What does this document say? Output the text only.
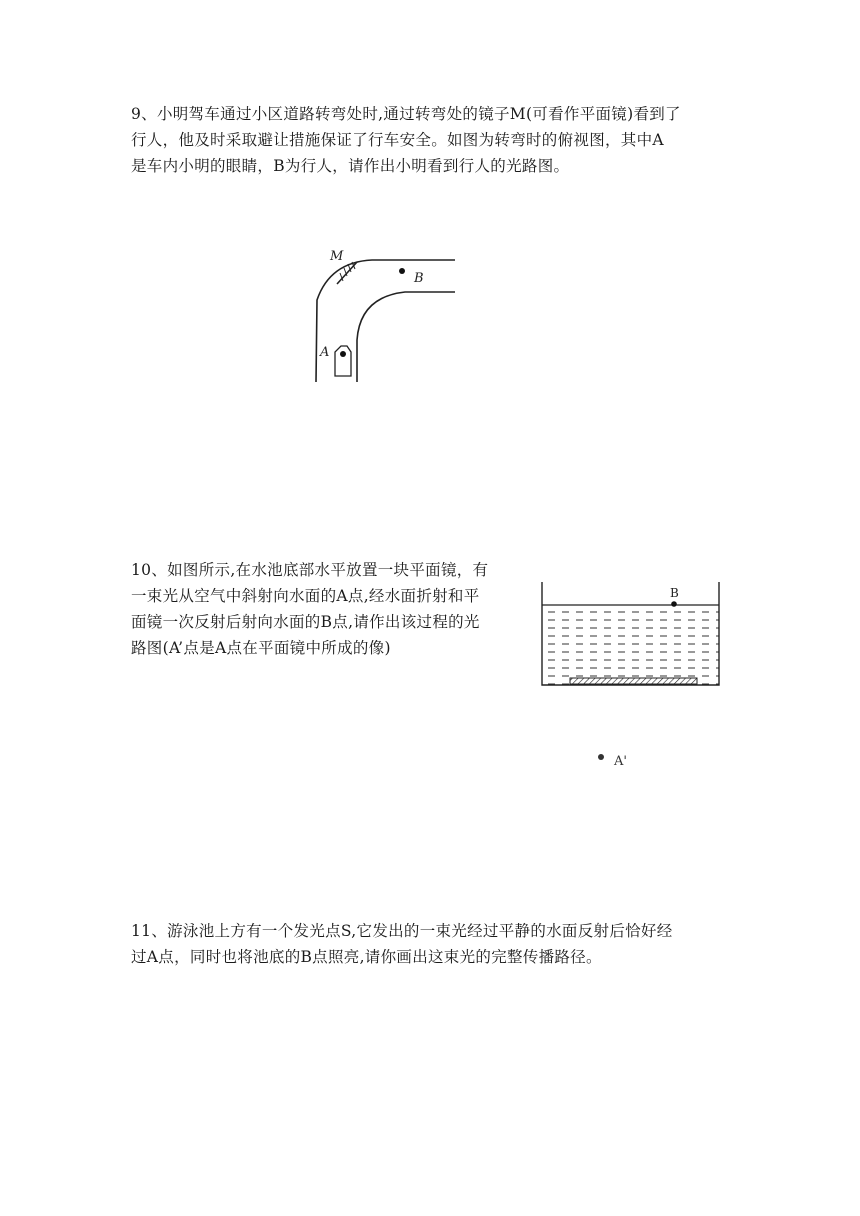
9、小明驾车通过小区道路转弯处时,通过转弯处的镜子M(可看作平面镜)看到了
行人，他及时采取避让措施保证了行车安全。如图为转弯时的俯视图，其中A
是车内小明的眼睛，B为行人，请作出小明看到行人的光路图。
M
B
A
10、如图所示,在水池底部水平放置一块平面镜，有
一束光从空气中斜射向水面的A点,经水面折射和平
面镜一次反射后射向水面的B点,请作出该过程的光
路图(A’点是A点在平面镜中所成的像)
B
A'
11、游泳池上方有一个发光点S,它发出的一束光经过平静的水面反射后恰好经
过A点，同时也将池底的B点照亮,请你画出这束光的完整传播路径。
